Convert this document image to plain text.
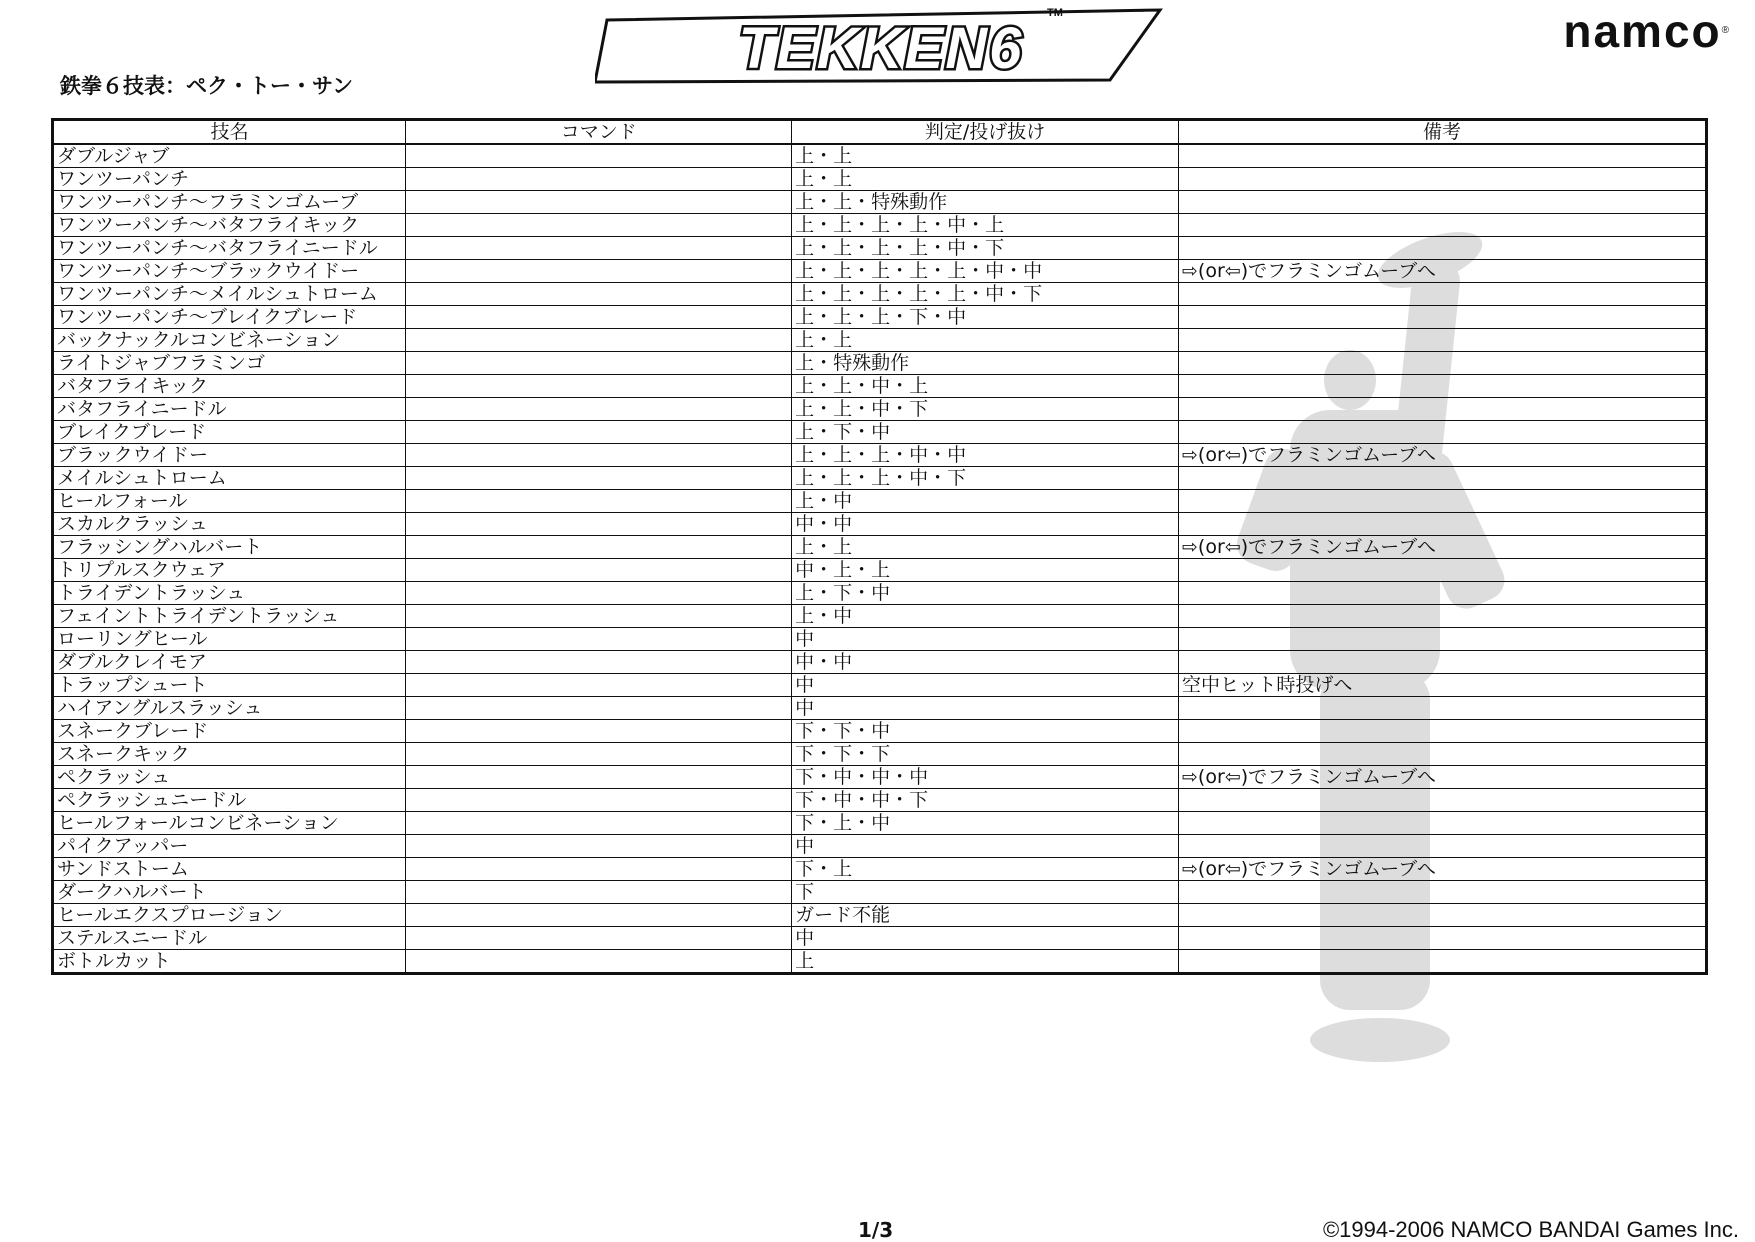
TEKKEN6
TM	namco®
鉄拳６技表：ペク・トー・サン
技名	コマンド	判定/投げ抜け	備考
ダブルジャブ		上・上	
ワンツーパンチ		上・上	
ワンツーパンチ～フラミンゴムーブ		上・上・特殊動作	
ワンツーパンチ～バタフライキック		上・上・上・上・中・上	
ワンツーパンチ～バタフライニードル		上・上・上・上・中・下	
ワンツーパンチ～ブラックウイドー		上・上・上・上・上・中・中	⇨(or⇦)でフラミンゴムーブへ
ワンツーパンチ～メイルシュトローム		上・上・上・上・上・中・下	
ワンツーパンチ～ブレイクブレード		上・上・上・下・中	
バックナックルコンビネーション		上・上	
ライトジャブフラミンゴ		上・特殊動作	
バタフライキック		上・上・中・上	
バタフライニードル		上・上・中・下	
ブレイクブレード		上・下・中	
ブラックウイドー		上・上・上・中・中	⇨(or⇦)でフラミンゴムーブへ
メイルシュトローム		上・上・上・中・下	
ヒールフォール		上・中	
スカルクラッシュ		中・中	
フラッシングハルバート		上・上	⇨(or⇦)でフラミンゴムーブへ
トリプルスクウェア		中・上・上	
トライデントラッシュ		上・下・中	
フェイントトライデントラッシュ		上・中	
ローリングヒール		中	
ダブルクレイモア		中・中	
トラップシュート		中	空中ヒット時投げへ
ハイアングルスラッシュ		中	
スネークブレード		下・下・中	
スネークキック		下・下・下	
ペクラッシュ		下・中・中・中	⇨(or⇦)でフラミンゴムーブへ
ペクラッシュニードル		下・中・中・下	
ヒールフォールコンビネーション		下・上・中	
パイクアッパー		中	
サンドストーム		下・上	⇨(or⇦)でフラミンゴムーブへ
ダークハルバート		下	
ヒールエクスプロージョン		ガード不能	
ステルスニードル		中	
ボトルカット		上	
1/3	©1994-2006 NAMCO BANDAI Games Inc.
